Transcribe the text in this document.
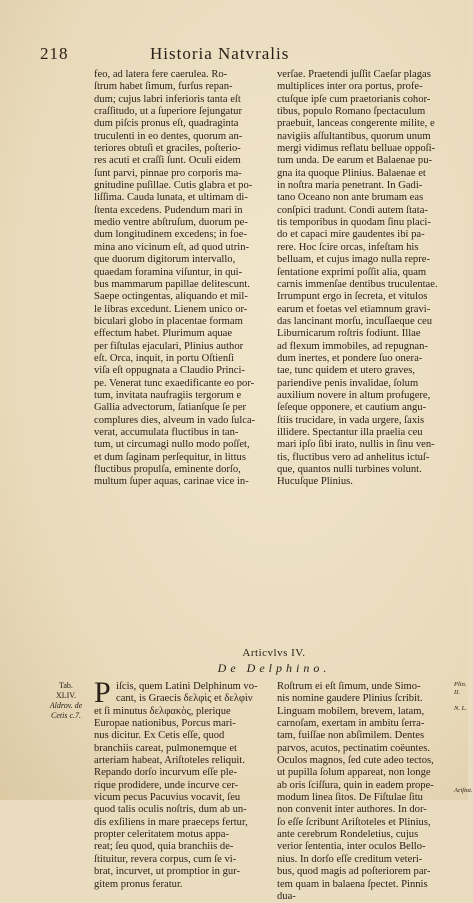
218	Historia Natvralis
feo, ad latera fere caerulea. Ro-
ſtrum habet ſimum, furſus repan-
dum; cujus labri inferioris tanta eſt
craſſitudo, ut a ſuperiore ſejungatur
dum piſcis pronus eſt, quadraginta
truculenti in eo dentes, quorum an-
teriores obtuſi et graciles, poſterio-
res acuti et craſſi ſunt. Oculi eidem
ſunt parvi, pinnae pro corporis ma-
gnitudine puſillae. Cutis glabra et po-
liſſima. Cauda lunata, et ultimam di-
ſtenta excedens. Pudendum mari in
medio ventre abſtruſum, duorum pe-
dum longitudinem excedens; in foe-
mina ano vicinum eſt, ad quod utrin-
que duorum digitorum intervallo,
quaedam foramina viſuntur, in qui-
bus mammarum papillae delitescunt.
Saepe octingentas, aliquando et mil-
le libras excedunt. Lienem unico or-
biculari globo in placentae formam
effectum habet. Plurimum aquae
per fiſtulas ejaculari, Plinius author
eſt. Orca, inquit, in portu Oſtienſi
viſa eſt oppugnata a Claudio Princi-
pe. Venerat tunc exaedificante eo por-
tum, invitata naufragiis tergorum e
Gallia advectorum, ſatianſque ſe per
complures dies, alveum in vado ſulca-
verat, accumulata fluctibus in tan-
tum, ut circumagi nullo modo poſſet,
et dum ſaginam perſequitur, in littus
fluctibus propulſa, eminente dorſo,
multum ſuper aquas, carinae vice in-
verſae. Praetendi juſſit Caeſar plagas
multiplices inter ora portus, profe-
ctuſque ipſe cum praetorianis cohor-
tibus, populo Romano ſpectaculum
praebuit, lanceas congerente milite, e
navigiis aſſultantibus, quorum unum
mergi vidimus reflatu belluae oppoſi-
tum unda. De earum et Balaenae pu-
gna ita quoque Plinius. Balaenae et
in noſtra maria penetrant. In Gadi-
tano Oceano non ante brumam eas
conſpici tradunt. Condi autem ſtata-
tis temporibus in quodam ſinu placi-
do et capaci mire gaudentes ibi pa-
rere. Hoc ſcire orcas, infeſtam his
belluam, et cujus imago nulla repre-
ſentatione exprimi poſſit alia, quam
carnis immenſae dentibus truculentae.
Irrumpunt ergo in ſecreta, et vitulos
earum et foetas vel etiamnum gravi-
das lancinant morſu, incuſſaeque ceu
Liburnicarum roſtris fodiunt. Illae
ad flexum immobiles, ad repugnan-
dum inertes, et pondere ſuo onera-
tae, tunc quidem et utero graves,
pariendive penis invalidae, ſolum
auxilium novere in altum profugere,
ſeſeque opponere, et cautium angu-
ſtiis trucidare, in vada urgere, ſaxis
illidere. Spectantur illa praelia ceu
mari ipſo ſibi irato, nullis in ſinu ven-
tis, fluctibus vero ad anhelitus ictuſ-
que, quantos nulli turbines volunt.
Hucuſque Plinius.
Articvlvs IV.
De Delphino.
Tab.
XLIV.
Aldrov. de
Cetis c.7.
P iſcis, quem Latini Delphinum vo-
cant, is Graecis δελφὶς et δελφὶν
et ſi minutus δελφακὸς, plerique
Europae nationibus, Porcus mari-
nus dicitur. Ex Cetis eſſe, quod
branchiis careat, pulmonemque et
arteriam habeat, Ariſtoteles reliquit.
Repando dorſo incurvum eſſe ple-
rique prodidere, unde incurve cer-
vicum pecus Pacuvius vocavit, ſeu
quod talis oculis noſtris, dum ab un-
dis exſiliens in mare praeceps fertur,
propter celeritatem motus appa-
reat; ſeu quod, quia branchiis de-
ſtituitur, revera corpus, cum ſe vi-
brat, incurvet, ut promptior in gur-
gitem pronus feratur.
Roſtrum ei eſt ſimum, unde Simo-
nis nomine gaudere Plinius ſcribit.
Linguam mobilem, brevem, latam,
carnoſam, exertam in ambitu ſerra-
tam, fuiſſae non abſimilem. Dentes
parvos, acutos, pectinatim coëuntes.
Oculos magnos, ſed cute adeo tectos,
ut pupilla ſolum appareat, non longe
ab oris ſciſſura, quin in eadem prope-
modum linea ſitos. De Fiſtulae ſitu
non convenit inter authores. In dor-
ſo eſſe ſcribunt Ariſtoteles et Plinius,
ante cerebrum Rondeletius, cujus
verior ſententia, inter oculos Bello-
nius. In dorſo eſſe creditum veteri-
bus, quod magis ad poſteriorem par-
tem quam in balaena ſpectet. Pinnis
dua-
Plin. II.
N. L.
Ariſtot.
